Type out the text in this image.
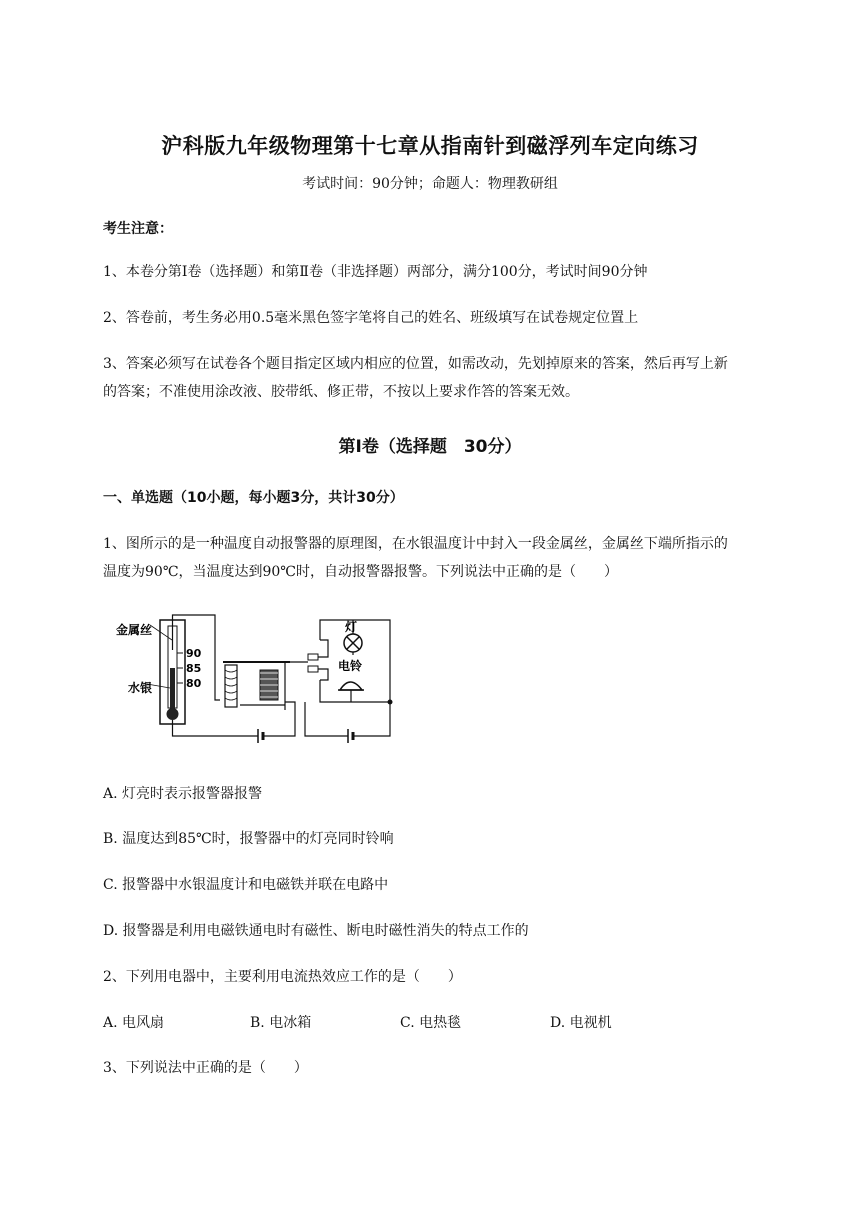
沪科版九年级物理第十七章从指南针到磁浮列车定向练习
考试时间：90分钟；命题人：物理教研组
考生注意：
1、本卷分第Ⅰ卷（选择题）和第Ⅱ卷（非选择题）两部分，满分100分，考试时间90分钟
2、答卷前，考生务必用0.5毫米黑色签字笔将自己的姓名、班级填写在试卷规定位置上
3、答案必须写在试卷各个题目指定区域内相应的位置，如需改动，先划掉原来的答案，然后再写上新
的答案；不准使用涂改液、胶带纸、修正带，不按以上要求作答的答案无效。
第Ⅰ卷（选择题　30分）
一、单选题（10小题，每小题3分，共计30分）
1、图所示的是一种温度自动报警器的原理图，在水银温度计中封入一段金属丝，金属丝下端所指示的
温度为90℃，当温度达到90℃时，自动报警器报警。下列说法中正确的是（　　）
90
85
80
金属丝
水银
灯
电铃
A. 灯亮时表示报警器报警
B. 温度达到85℃时，报警器中的灯亮同时铃响
C. 报警器中水银温度计和电磁铁并联在电路中
D. 报警器是利用电磁铁通电时有磁性、断电时磁性消失的特点工作的
2、下列用电器中，主要利用电流热效应工作的是（　　）
A. 电风扇	B. 电冰箱	C. 电热毯	D. 电视机
3、下列说法中正确的是（　　）
